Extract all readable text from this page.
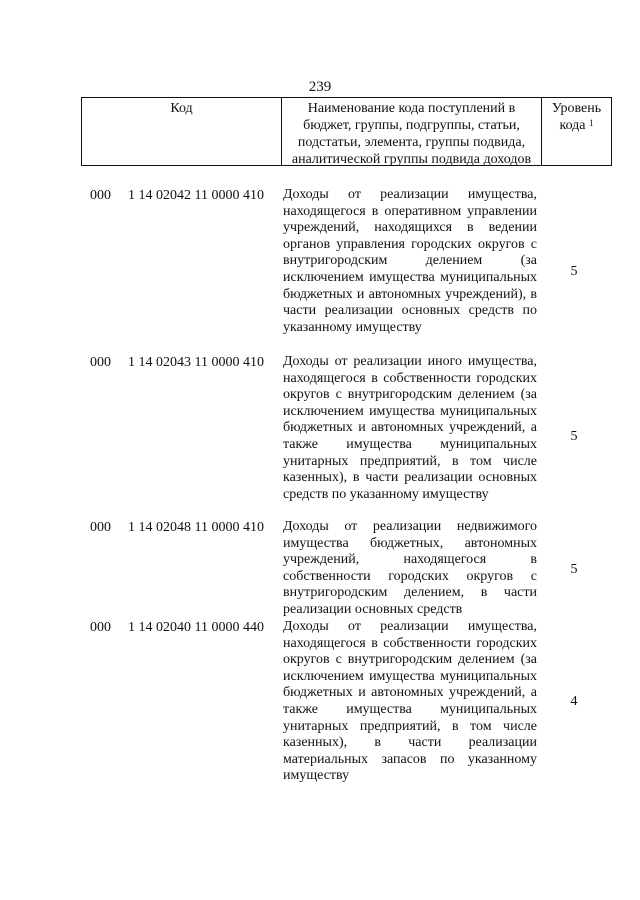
239
Код	Наименование кода поступлений в бюджет, группы, подгруппы, статьи, подстатьи, элемента, группы подвида, аналитической группы подвида доходов
Уровень кода $^1$
000 1 14 02042 11 0000 410 Доходы от реализации имущества, находящегося в оперативном управлении учреждений, находящихся в ведении органов управления городских округов с внутригородским делением (за исключением имущества муниципальных бюджетных и автономных учреждений), в части реализации основных средств по указанному имуществу
5
000 1 14 02043 11 0000 410 Доходы от реализации иного имущества, находящегося в собственности городских округов с внутригородским делением (за исключением имущества муниципальных бюджетных и автономных учреждений, а также имущества муниципальных унитарных предприятий, в том числе казенных), в части реализации основных средств по указанному имуществу
5
000 1 14 02048 11 0000 410 Доходы от реализации недвижимого имущества бюджетных, автономных учреждений, находящегося в собственности городских округов с внутригородским делением, в части реализации основных средств
5
000 1 14 02040 11 0000 440 Доходы от реализации имущества, находящегося в собственности городских округов с внутригородским делением (за исключением имущества муниципальных бюджетных и автономных учреждений, а также имущества муниципальных унитарных предприятий, в том числе казенных), в части реализации материальных запасов по указанному имуществу
4
